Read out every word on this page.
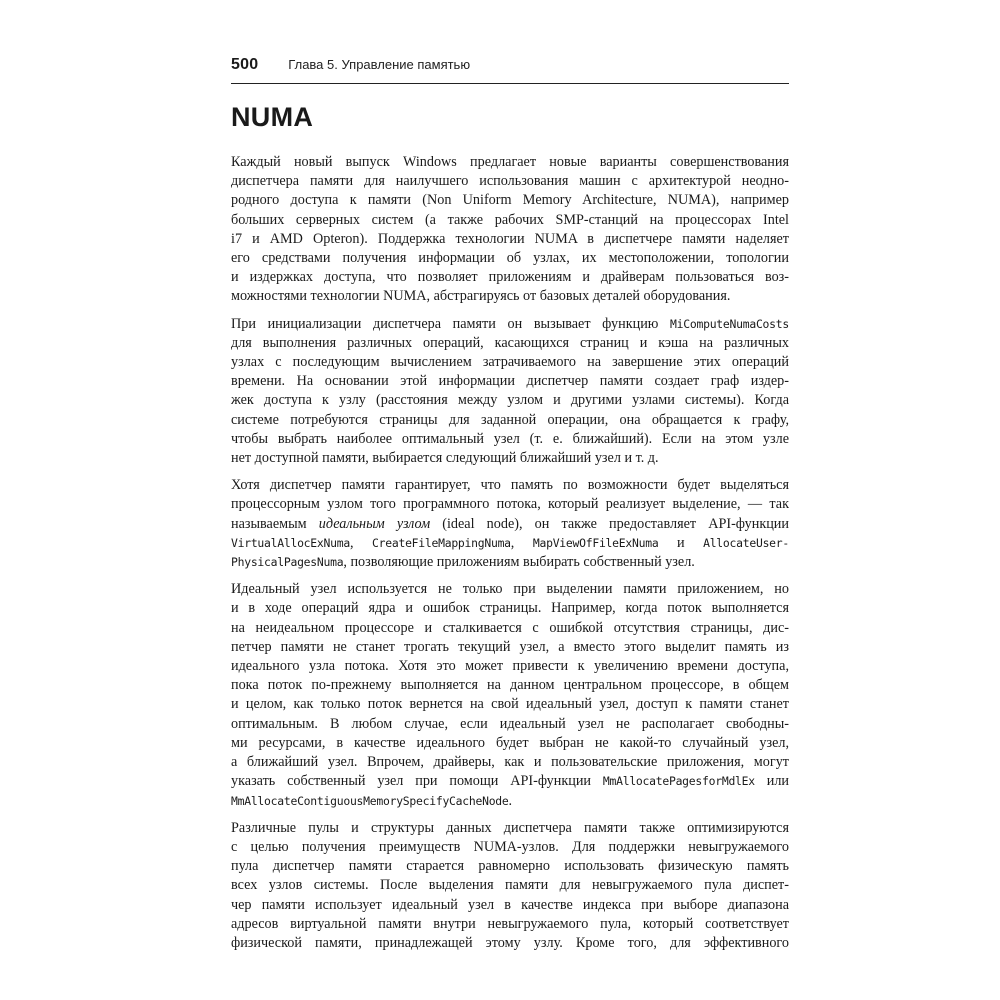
500 Глава 5. Управление памятью
NUMA
Каждый новый выпуск Windows предлагает новые варианты совершенствования
диспетчера памяти для наилучшего использования машин с архитектурой неодно-
родного доступа к памяти (Non Uniform Memory Architecture, NUMA), например
больших серверных систем (а также рабочих SMP-станций на процессорах Intel
i7 и AMD Opteron). Поддержка технологии NUMA в диспетчере памяти наделяет
его средствами получения информации об узлах, их местоположении, топологии
и издержках доступа, что позволяет приложениям и драйверам пользоваться воз-
можностями технологии NUMA, абстрагируясь от базовых деталей оборудования.
При инициализации диспетчера памяти он вызывает функцию MiComputeNumaCosts
для выполнения различных операций, касающихся страниц и кэша на различных
узлах с последующим вычислением затрачиваемого на завершение этих операций
времени. На основании этой информации диспетчер памяти создает граф издер-
жек доступа к узлу (расстояния между узлом и другими узлами системы). Когда
системе потребуются страницы для заданной операции, она обращается к графу,
чтобы выбрать наиболее оптимальный узел (т. е. ближайший). Если на этом узле
нет доступной памяти, выбирается следующий ближайший узел и т. д.
Хотя диспетчер памяти гарантирует, что память по возможности будет выделяться
процессорным узлом того программного потока, который реализует выделение, — так
называемым идеальным узлом (ideal node), он также предоставляет API-функции
VirtualAllocExNuma, CreateFileMappingNuma, MapViewOfFileExNuma и AllocateUser-
PhysicalPagesNuma, позволяющие приложениям выбирать собственный узел.
Идеальный узел используется не только при выделении памяти приложением, но
и в ходе операций ядра и ошибок страницы. Например, когда поток выполняется
на неидеальном процессоре и сталкивается с ошибкой отсутствия страницы, дис-
петчер памяти не станет трогать текущий узел, а вместо этого выделит память из
идеального узла потока. Хотя это может привести к увеличению времени доступа,
пока поток по-прежнему выполняется на данном центральном процессоре, в общем
и целом, как только поток вернется на свой идеальный узел, доступ к памяти станет
оптимальным. В любом случае, если идеальный узел не располагает свободны-
ми ресурсами, в качестве идеального будет выбран не какой-то случайный узел,
а ближайший узел. Впрочем, драйверы, как и пользовательские приложения, могут
указать собственный узел при помощи API-функции MmAllocatePagesforMdlEx или
MmAllocateContiguousMemorySpecifyCacheNode.
Различные пулы и структуры данных диспетчера памяти также оптимизируются
с целью получения преимуществ NUMA-узлов. Для поддержки невыгружаемого
пула диспетчер памяти старается равномерно использовать физическую память
всех узлов системы. После выделения памяти для невыгружаемого пула диспет-
чер памяти использует идеальный узел в качестве индекса при выборе диапазона
адресов виртуальной памяти внутри невыгружаемого пула, который соответствует
физической памяти, принадлежащей этому узлу. Кроме того, для эффективного
